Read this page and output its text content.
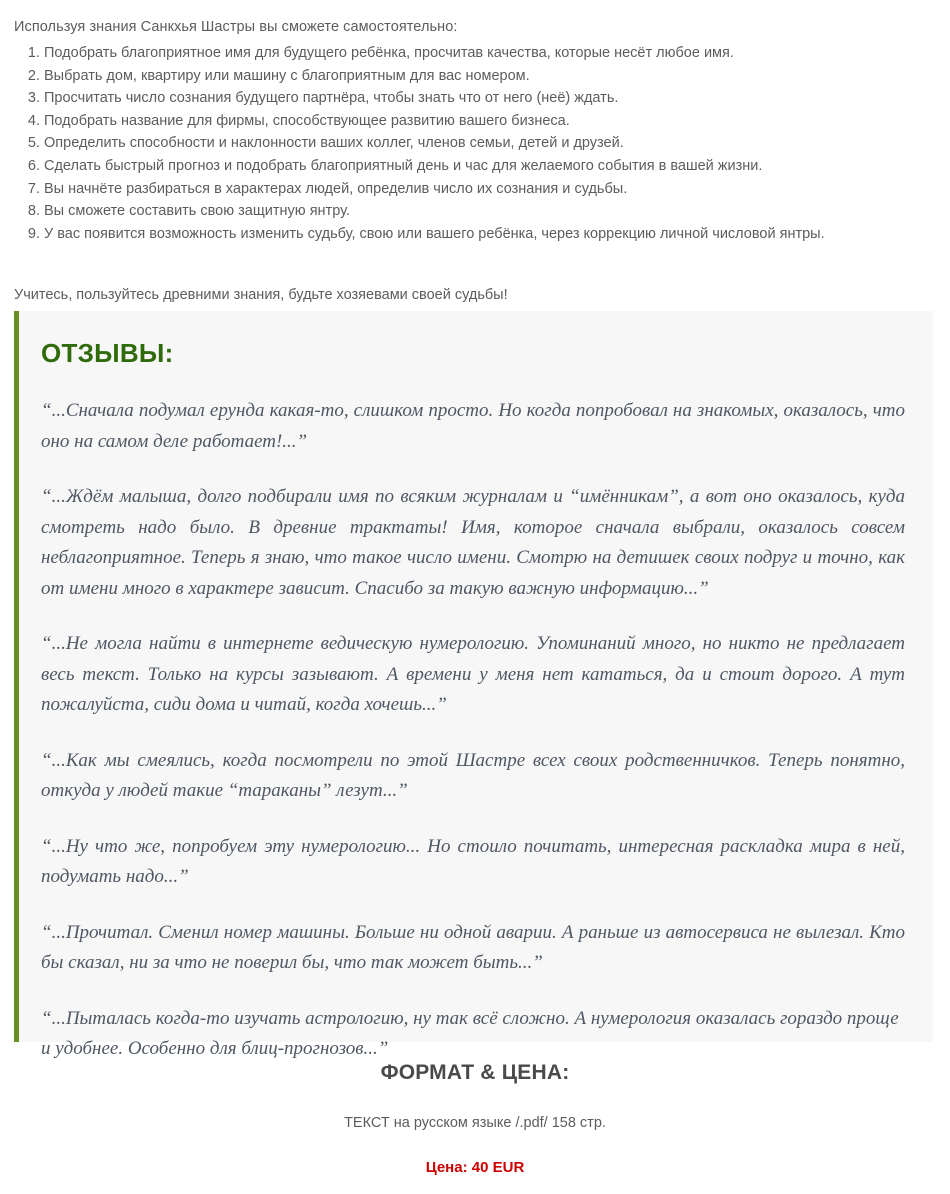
Используя знания Санкхья Шастры вы сможете самостоятельно:

1. Подобрать благоприятное имя для будущего ребёнка, просчитав качества, которые несёт любое имя.
2. Выбрать дом, квартиру или машину с благоприятным для вас номером.
3. Просчитать число сознания будущего партнёра, чтобы знать что от него (неё) ждать.
4. Подобрать название для фирмы, способствующее развитию вашего бизнеса.
5. Определить способности и наклонности ваших коллег, членов семьи, детей и друзей.
6. Сделать быстрый прогноз и подобрать благоприятный день и час для желаемого события в вашей жизни.
7. Вы начнёте разбираться в характерах людей, определив число их сознания и судьбы.
8. Вы сможете составить свою защитную янтру.
9. У вас появится возможность изменить судьбу, свою или вашего ребёнка, через коррекцию личной числовой янтры.

Учитесь, пользуйтесь древними знания, будьте хозяевами своей судьбы!

ОТЗЫВЫ:

“...Сначала подумал ерунда какая-то, слишком просто. Но когда попробовал на знакомых, оказалось, что оно на самом деле работает!...”

“...Ждём малыша, долго подбирали имя по всяким журналам и “имённикам”, а вот оно оказалось, куда смотреть надо было. В древние трактаты! Имя, которое сначала выбрали, оказалось совсем неблагоприятное. Теперь я знаю, что такое число имени. Смотрю на детишек своих подруг и точно, как от имени много в характере зависит. Спасибо за такую важную информацию...”

“...Не могла найти в интернете ведическую нумерологию. Упоминаний много, но никто не предлагает весь текст. Только на курсы зазывают. А времени у меня нет кататься, да и стоит дорого. А тут пожалуйста, сиди дома и читай, когда хочешь...”

“...Как мы смеялись, когда посмотрели по этой Шастре всех своих родственничков. Теперь понятно, откуда у людей такие “тараканы” лезут...”

“...Ну что же, попробуем эту нумерологию... Но стоило почитать, интересная раскладка мира в ней, подумать надо...”

“...Прочитал. Сменил номер машины. Больше ни одной аварии. А раньше из автосервиса не вылезал. Кто бы сказал, ни за что не поверил бы, что так может быть...”

“...Пыталась когда-то изучать астрологию, ну так всё сложно. А нумерология оказалась гораздо проще и удобнее. Особенно для блиц-прогнозов...”

ФОРМАТ & ЦЕНА:

ТЕКСТ на русском языке /.pdf/ 158 стр.

Цена: 40 EUR
